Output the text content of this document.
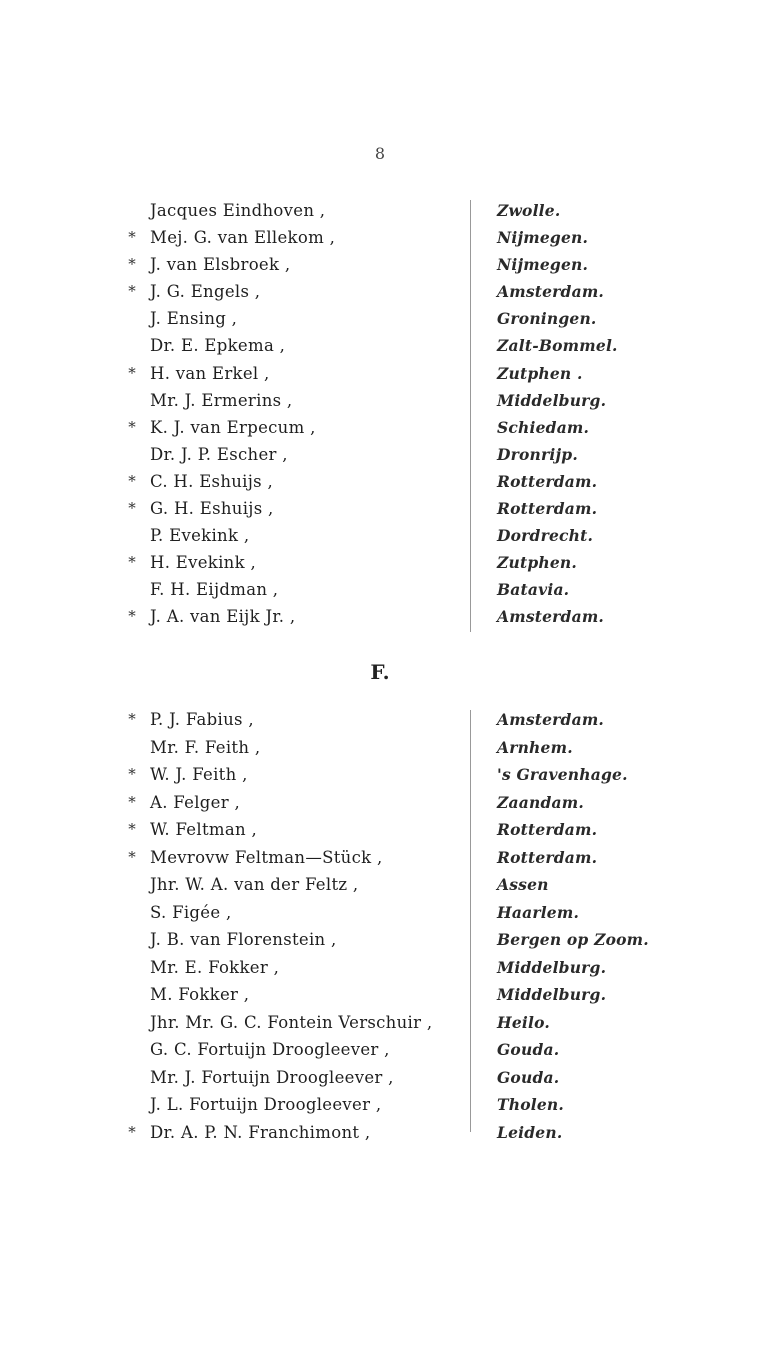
8
Jacques Eindhoven ,	Zwolle.
* Mej. G. van Ellekom ,	Nijmegen.
* J. van Elsbroek ,	Nijmegen.
* J. G. Engels ,	Amsterdam.
J. Ensing ,	Groningen.
Dr. E. Epkema ,	Zalt-Bommel.
* H. van Erkel ,	Zutphen .
Mr. J. Ermerins ,	Middelburg.
* K. J. van Erpecum ,	Schiedam.
Dr. J. P. Escher ,	Dronrijp.
* C. H. Eshuijs ,	Rotterdam.
* G. H. Eshuijs ,	Rotterdam.
P. Evekink ,	Dordrecht.
* H. Evekink ,	Zutphen.
F. H. Eijdman ,	Batavia.
* J. A. van Eijk Jr. ,	Amsterdam.
F.
* P. J. Fabius ,	Amsterdam.
Mr. F. Feith ,	Arnhem.
* W. J. Feith ,	's Gravenhage.
* A. Felger ,	Zaandam.
* W. Feltman ,	Rotterdam.
* Mevrovw Feltman—Stück ,	Rotterdam.
Jhr. W. A. van der Feltz ,	Assen
S. Figée ,	Haarlem.
J. B. van Florenstein ,	Bergen op Zoom.
Mr. E. Fokker ,	Middelburg.
M. Fokker ,	Middelburg.
Jhr. Mr. G. C. Fontein Verschuir ,	Heilo.
G. C. Fortuijn Droogleever ,	Gouda.
Mr. J. Fortuijn Droogleever ,	Gouda.
J. L. Fortuijn Droogleever ,	Tholen.
* Dr. A. P. N. Franchimont ,	Leiden.
